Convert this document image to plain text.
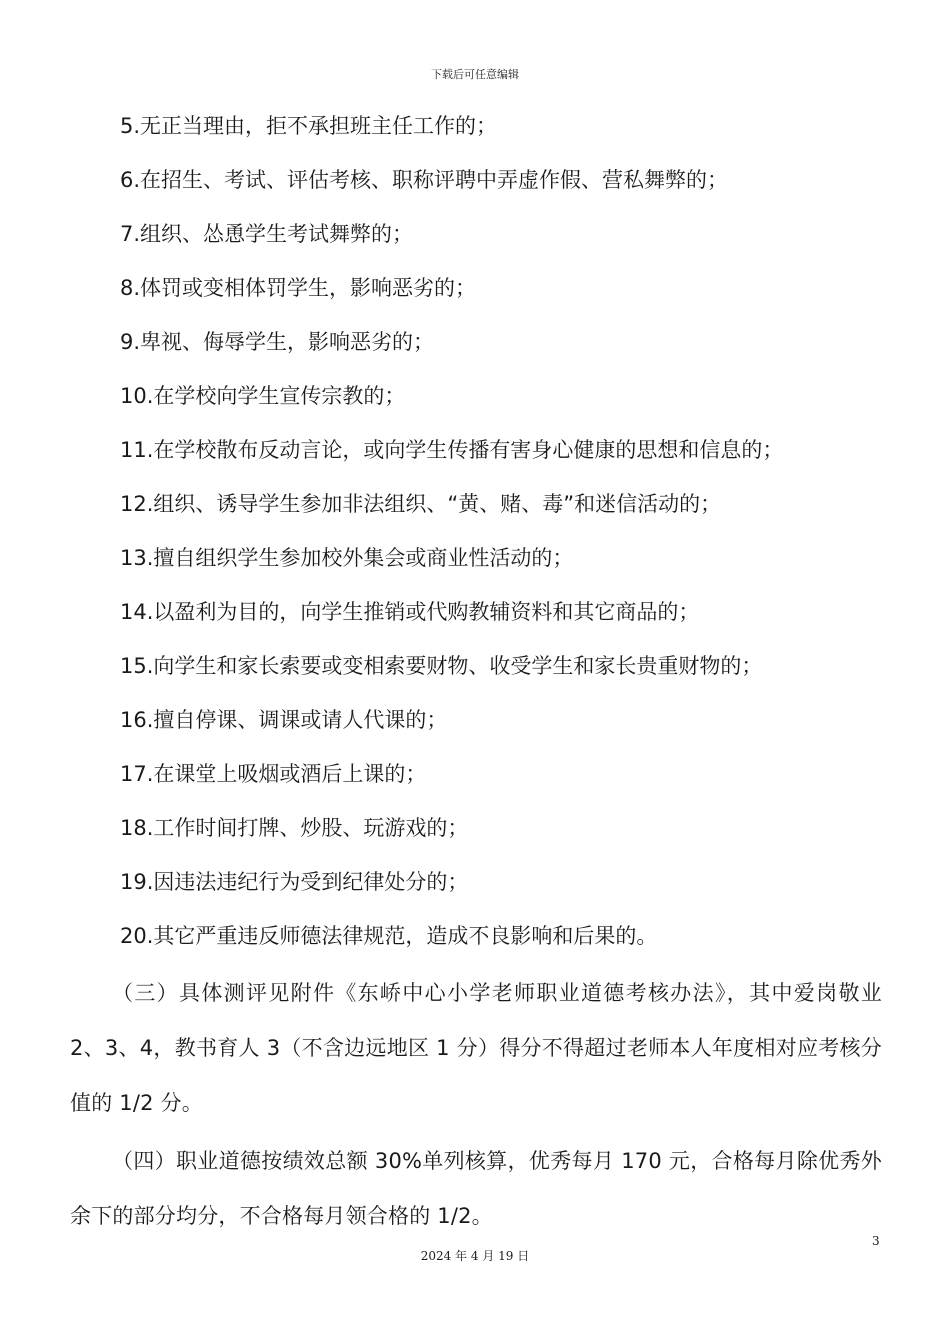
下载后可任意编辑
5.无正当理由，拒不承担班主任工作的；
6.在招生、考试、评估考核、职称评聘中弄虚作假、营私舞弊的；
7.组织、怂恿学生考试舞弊的；
8.体罚或变相体罚学生，影响恶劣的；
9.卑视、侮辱学生，影响恶劣的；
10.在学校向学生宣传宗教的；
11.在学校散布反动言论，或向学生传播有害身心健康的思想和信息的；
12.组织、诱导学生参加非法组织、“黄、赌、毒”和迷信活动的；
13.擅自组织学生参加校外集会或商业性活动的；
14.以盈利为目的，向学生推销或代购教辅资料和其它商品的；
15.向学生和家长索要或变相索要财物、收受学生和家长贵重财物的；
16.擅自停课、调课或请人代课的；
17.在课堂上吸烟或酒后上课的；
18.工作时间打牌、炒股、玩游戏的；
19.因违法违纪行为受到纪律处分的；
20.其它严重违反师德法律规范，造成不良影响和后果的。

（三）具体测评见附件《东峤中心小学老师职业道德考核办法》，其中爱岗敬业 2、3、4，教书育人 3（不含边远地区 1 分）得分不得超过老师本人年度相对应考核分值的 1/2 分。

（四）职业道德按绩效总额 30%单列核算，优秀每月 170 元，合格每月除优秀外余下的部分均分，不合格每月领合格的 1/2。

3
2024 年 4 月 19 日
